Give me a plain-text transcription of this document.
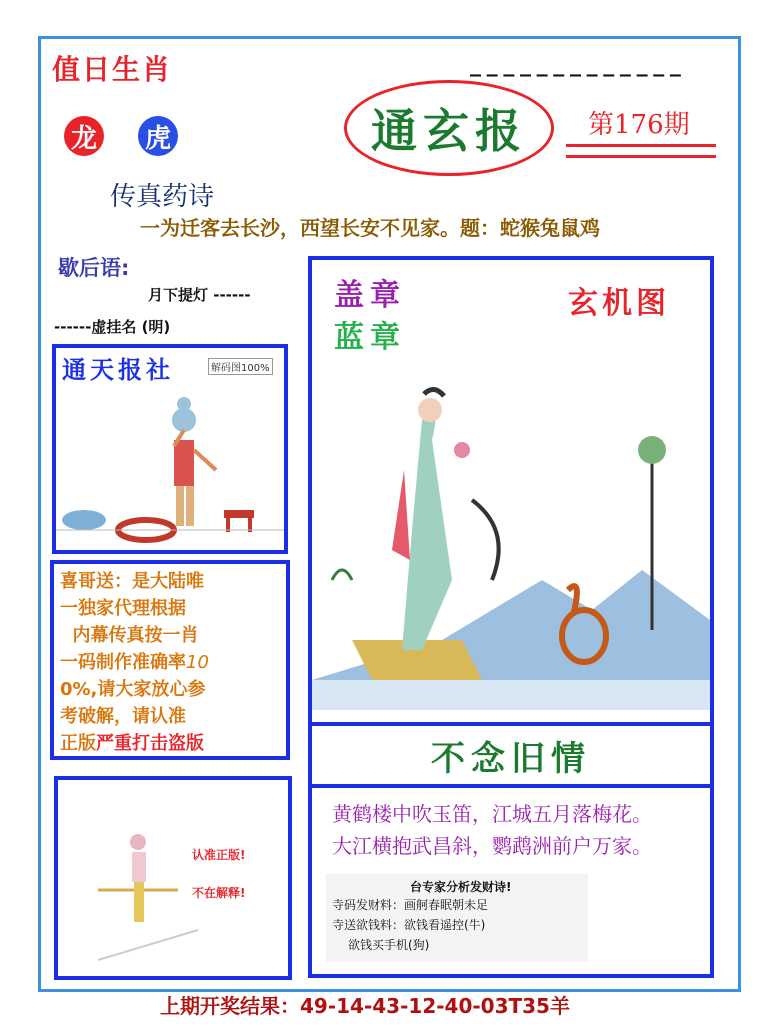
值日生肖	_ _ _ _ _ _ _ _ _ _ _ _ _
龙 虎	通玄报 第176期
传真药诗
一为迁客去长沙，西望长安不见家。题：蛇猴兔鼠鸡
歇后语:
月下提灯 ------
------虚挂名 (明)
通天报社	解码图100%
喜哥送：是大陆唯
一独家代理根据
内幕传真按一肖
一码制作准确率10
0%,请大家放心参
考破解，请认准
正版严重打击盗版
认准正版!
不在解释!
盖章
蓝章
玄机图
不念旧情
黄鹤楼中吹玉笛，江城五月落梅花。
大江横抱武昌斜，鹦鹉洲前户万家。
台专家分析发财诗!
寺码发财料：画舸春眠朝未足
寺送欲钱料：欲钱看遥控(牛)
欲钱买手机(狗)
上期开奖结果：49-14-43-12-40-03T35羊
